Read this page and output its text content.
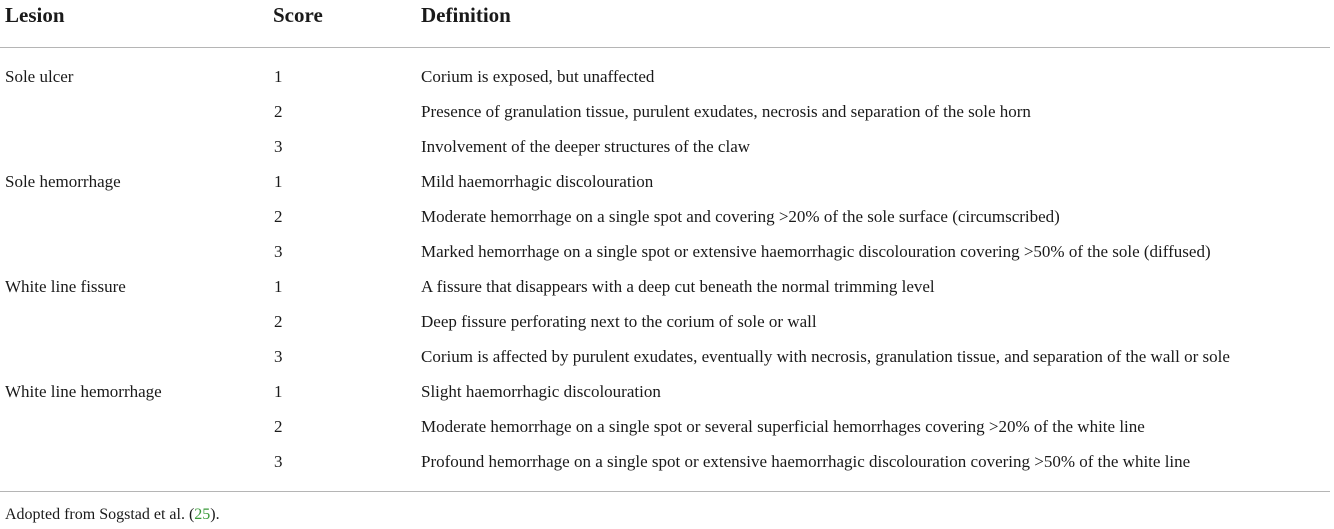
Lesion	Score	Definition
Sole ulcer	1	Corium is exposed, but unaffected
2	Presence of granulation tissue, purulent exudates, necrosis and separation of the sole horn
3	Involvement of the deeper structures of the claw
Sole hemorrhage	1	Mild haemorrhagic discolouration
2	Moderate hemorrhage on a single spot and covering >20% of the sole surface (circumscribed)
3	Marked hemorrhage on a single spot or extensive haemorrhagic discolouration covering >50% of the sole (diffused)
White line fissure	1	A fissure that disappears with a deep cut beneath the normal trimming level
2	Deep fissure perforating next to the corium of sole or wall
3	Corium is affected by purulent exudates, eventually with necrosis, granulation tissue, and separation of the wall or sole
White line hemorrhage	1	Slight haemorrhagic discolouration
2	Moderate hemorrhage on a single spot or several superficial hemorrhages covering >20% of the white line
3	Profound hemorrhage on a single spot or extensive haemorrhagic discolouration covering >50% of the white line
Adopted from Sogstad et al. (25).
